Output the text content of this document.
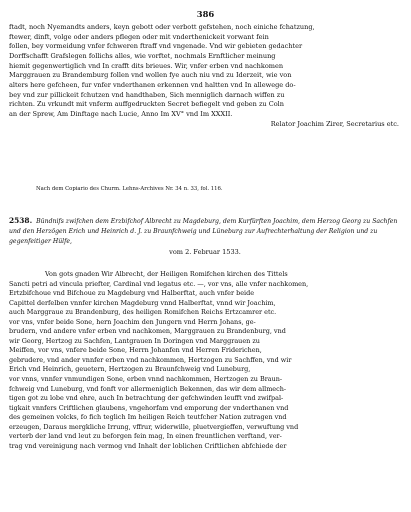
386
ftadt, noch Nyemandts anders, keyn gebott oder verbott gefstehen, noch einiche fchatzung,
ftewer, dinft, volge oder anders pflegen oder mit vnderthenickeit vorwant fein
follen, bey vormeidung vnfer fchweren ftraff vnd vngenade. Vnd wir gebieten gedachter
Dorffschafft Grafslegen follichs alles, wie vorftet, nochmals Ernftlicher meinung
hiemit gegenwertiglich vnd In crafft dits brieues. Wir, vnfer erben vnd nachkomen
Marggrauen zu Brandemburg follen vnd wollen fye auch niu vnd zu Iderzeit, wie von
alters here gefcheen, fur vnfer vnderthanen erkennen vnd haltten vnd In allewege do-
bey vnd zur pillickeit fchutzen vnd handthaben, Sich menniglich darnach wiffen zu
richten. Zu vrkundt mit vnferm auffgedruckten Secret befiegelt vnd geben zu Coln
an der Sprew, Am Dinftage nach Lucie, Anno Im XV° vnd Im XXXII.
Relator Joachim Zirer, Secretarius etc.
Nach dem Copiario des Churm. Lehns-Archives Nr. 34 n. 33, fol. 116.
2538. Bündnifs zwifchen dem Erzbifchof Albrecht zu Magdeburg, dem Kurfürften Joachim, dem Herzog Georg zu Sachfen und den Herzögen Erich und Heinrich d. J. zu Braunfchweig und Lüneburg zur Aufrechterhaltung der Religion und zu gegenfeitiger Hülfe,
vom 2. Februar 1533.
Von gots gnaden Wir Albrecht, der Heiligen Romifchen kirchen des Tittels
Sancti petri ad vincula priefter, Cardinal vnd legatus etc. —, vor vns, alle vnfer nachkomen,
Ertzbifchoue vnd Bifchoue zu Magdeburg vnd Halberftat, auch vnfer beide
Capittel derfelben vnnfer kirchen Magdeburg vnnd Halberftat, vnnd wir Joachim,
auch Marggraue zu Brandenburg, des heiligen Romifchen Reichs Ertzcamrer etc.
vor vns, vnfer beide Sone, hern Joachim den Jungern vnd Herrn Johans, ge-
brudern, vnd andere vnfer erben vnd nachkomen, Marggrauen zu Brandenburg, vnd
wir Georg, Hertzog zu Sachfen, Lantgrauen In Doringen vnd Marggrauen zu
Meiffen, vor vns, vnfere beide Sone, Herrn Johanfen vnd Herren Friderichen,
gebrudere, vnd ander vnnfer erben vnd nachkommen, Hertzogen zu Sachffen, vnd wir
Erich vnd Heinrich, geuetern, Hertzogen zu Braunfchweig vnd Luneburg,
vor vnns, vnnfer vnmundigen Sone, erben vnnd nachkommen, Hertzogen zu Braun-
fchweig vnd Luneburg, vnd fonft vor allermeniglich Bekennen, das wir dem allmech-
tigen got zu lobe vnd ehre, auch In betrachtung der gefchwinden leufft vnd zwifpal-
tigkait vnnfers Criftlichen glaubens, vngehorfam vnd emporung der vnderthanen vnd
des gemeinen volcks, fo fich teglich Im heiligen Reich teutfcher Nation zutragen vnd
erzeugen, Daraus mergkliche Irrung, vffrur, widerwille, pluetvergieffen, verwuftung vnd
verterb der land vnd leut zu beforgen fein mag, In einen freuntlichen verftand, ver-
trag vnd vereinigung nach vermog vnd Inhalt der loblichen Criftlichen abfchiede der
